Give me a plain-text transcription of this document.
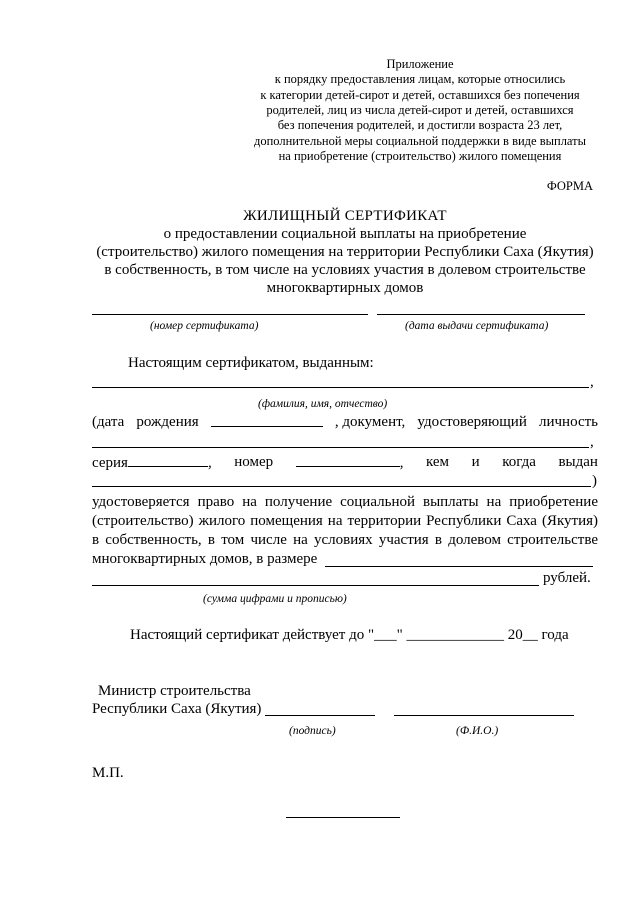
Приложение
к порядку предоставления лицам, которые относились
к категории детей-сирот и детей, оставшихся без попечения
родителей, лиц из числа детей-сирот и детей, оставшихся
без попечения родителей, и достигли возраста 23 лет,
дополнительной меры социальной поддержки в виде выплаты
на приобретение (строительство) жилого помещения
ФОРМА
ЖИЛИЩНЫЙ СЕРТИФИКАТ
о предоставлении социальной выплаты на приобретение
(строительство) жилого помещения на территории Республики Саха (Якутия)
в собственность, в том числе на условиях участия в долевом строительстве
многоквартирных домов
(номер сертификата)	(дата выдачи сертификата)
Настоящим сертификатом, выданным:
,
(фамилия, имя, отчество)
(дата рождения	, документ, удостоверяющий личность
,
серия	, номер	, кем и когда выдан
)
удостоверяется право на получение социальной выплаты на приобретение
(строительство) жилого помещения на территории Республики Саха (Якутия)
в собственность, в том числе на условиях участия в долевом строительстве
многоквартирных домов, в размере
рублей.
(сумма цифрами и прописью)
Настоящий сертификат действует до "___" _____________ 20__ года
Министр строительства
Республики Саха (Якутия)
(подпись)	(Ф.И.О.)
М.П.
